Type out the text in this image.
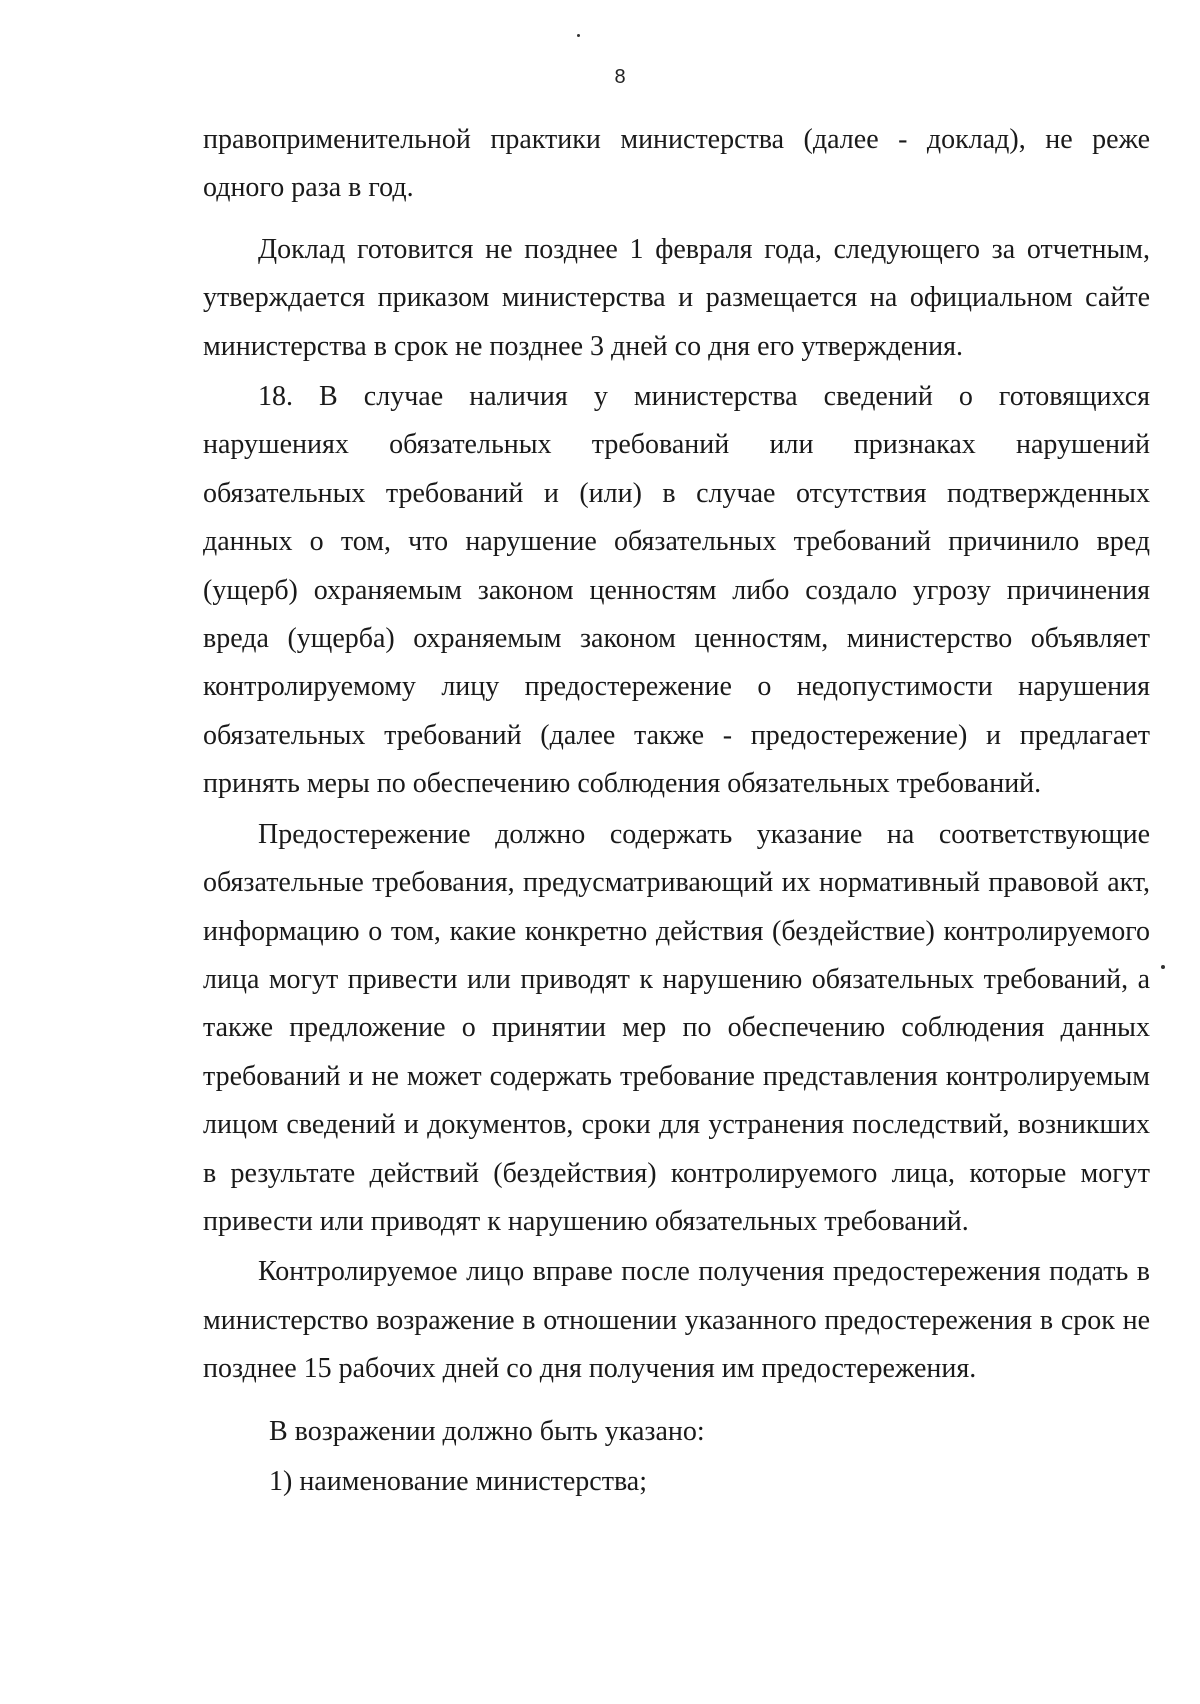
8

правоприменительной практики министерства (далее - доклад), не реже одного раза в год.

Доклад готовится не позднее 1 февраля года, следующего за отчетным, утверждается приказом министерства и размещается на официальном сайте министерства в срок не позднее 3 дней со дня его утверждения.

18. В случае наличия у министерства сведений о готовящихся нарушениях обязательных требований или признаках нарушений обязательных требований и (или) в случае отсутствия подтвержденных данных о том, что нарушение обязательных требований причинило вред (ущерб) охраняемым законом ценностям либо создало угрозу причинения вреда (ущерба) охраняемым законом ценностям, министерство объявляет контролируемому лицу предостережение о недопустимости нарушения обязательных требований (далее также - предостережение) и предлагает принять меры по обеспечению соблюдения обязательных требований.

Предостережение должно содержать указание на соответствующие обязательные требования, предусматривающий их нормативный правовой акт, информацию о том, какие конкретно действия (бездействие) контролируемого лица могут привести или приводят к нарушению обязательных требований, а также предложение о принятии мер по обеспечению соблюдения данных требований и не может содержать требование представления контролируемым лицом сведений и документов, сроки для устранения последствий, возникших в результате действий (бездействия) контролируемого лица, которые могут привести или приводят к нарушению обязательных требований.

Контролируемое лицо вправе после получения предостережения подать в министерство возражение в отношении указанного предостережения в срок не позднее 15 рабочих дней со дня получения им предостережения.

В возражении должно быть указано:

1) наименование министерства;
